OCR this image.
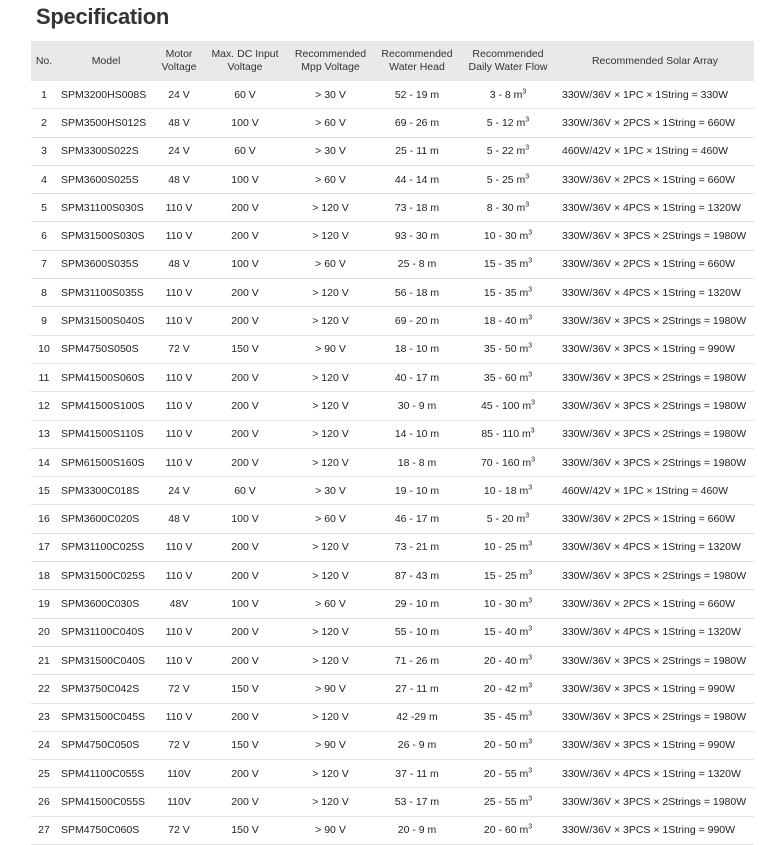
Specification
No.	Model	Motor Voltage	Max. DC Input Voltage	Recommended Mpp Voltage	Recommended Water Head	Recommended Daily Water Flow	Recommended Solar Array
1	SPM3200HS008S	24 V	60 V	> 30 V	52 - 19 m	3 - 8 $m^3$	330W/36V × 1PC × 1String = 330W
2	SPM3500HS012S	48 V	100 V	> 60 V	69 - 26 m	5 - 12 $m^3$	330W/36V × 2PCS × 1String = 660W
3	SPM3300S022S	24 V	60 V	> 30 V	25 - 11 m	5 - 22 $m^3$	460W/42V × 1PC × 1String = 460W
4	SPM3600S025S	48 V	100 V	> 60 V	44 - 14 m	5 - 25 $m^3$	330W/36V × 2PCS × 1String = 660W
5	SPM31100S030S	110 V	200 V	> 120 V	73 - 18 m	8 - 30 $m^3$	330W/36V × 4PCS × 1String = 1320W
6	SPM31500S030S	110 V	200 V	> 120 V	93 - 30 m	10 - 30 $m^3$	330W/36V × 3PCS × 2Strings = 1980W
7	SPM3600S035S	48 V	100 V	> 60 V	25 - 8 m	15 - 35 $m^3$	330W/36V × 2PCS × 1String = 660W
8	SPM31100S035S	110 V	200 V	> 120 V	56 - 18 m	15 - 35 $m^3$	330W/36V × 4PCS × 1String = 1320W
9	SPM31500S040S	110 V	200 V	> 120 V	69 - 20 m	18 - 40 $m^3$	330W/36V × 3PCS × 2Strings = 1980W
10	SPM4750S050S	72 V	150 V	> 90 V	18 - 10 m	35 - 50 $m^3$	330W/36V × 3PCS × 1String = 990W
11	SPM41500S060S	110 V	200 V	> 120 V	40 - 17 m	35 - 60 $m^3$	330W/36V × 3PCS × 2Strings = 1980W
12	SPM41500S100S	110 V	200 V	> 120 V	30 - 9 m	45 - 100 $m^3$	330W/36V × 3PCS × 2Strings = 1980W
13	SPM41500S110S	110 V	200 V	> 120 V	14 - 10 m	85 - 110 $m^3$	330W/36V × 3PCS × 2Strings = 1980W
14	SPM61500S160S	110 V	200 V	> 120 V	18 - 8 m	70 - 160 $m^3$	330W/36V × 3PCS × 2Strings = 1980W
15	SPM3300C018S	24 V	60 V	> 30 V	19 - 10 m	10 - 18 $m^3$	460W/42V × 1PC × 1String = 460W
16	SPM3600C020S	48 V	100 V	> 60 V	46 - 17 m	5 - 20 $m^3$	330W/36V × 2PCS × 1String = 660W
17	SPM31100C025S	110 V	200 V	> 120 V	73 - 21 m	10 - 25 $m^3$	330W/36V × 4PCS × 1String = 1320W
18	SPM31500C025S	110 V	200 V	> 120 V	87 - 43 m	15 - 25 $m^3$	330W/36V × 3PCS × 2Strings = 1980W
19	SPM3600C030S	48V	100 V	> 60 V	29 - 10 m	10 - 30 $m^3$	330W/36V × 2PCS × 1String = 660W
20	SPM31100C040S	110 V	200 V	> 120 V	55 - 10 m	15 - 40 $m^3$	330W/36V × 4PCS × 1String = 1320W
21	SPM31500C040S	110 V	200 V	> 120 V	71 - 26 m	20 - 40 $m^3$	330W/36V × 3PCS × 2Strings = 1980W
22	SPM3750C042S	72 V	150 V	> 90 V	27 - 11 m	20 - 42 $m^3$	330W/36V × 3PCS × 1String = 990W
23	SPM31500C045S	110 V	200 V	> 120 V	42 -29 m	35 - 45 $m^3$	330W/36V × 3PCS × 2Strings = 1980W
24	SPM4750C050S	72 V	150 V	> 90 V	26 - 9 m	20 - 50 $m^3$	330W/36V × 3PCS × 1String = 990W
25	SPM41100C055S	110V	200 V	> 120 V	37 - 11 m	20 - 55 $m^3$	330W/36V × 4PCS × 1String = 1320W
26	SPM41500C055S	110V	200 V	> 120 V	53 - 17 m	25 - 55 $m^3$	330W/36V × 3PCS × 2Strings = 1980W
27	SPM4750C060S	72 V	150 V	> 90 V	20 - 9 m	20 - 60 $m^3$	330W/36V × 3PCS × 1String = 990W
